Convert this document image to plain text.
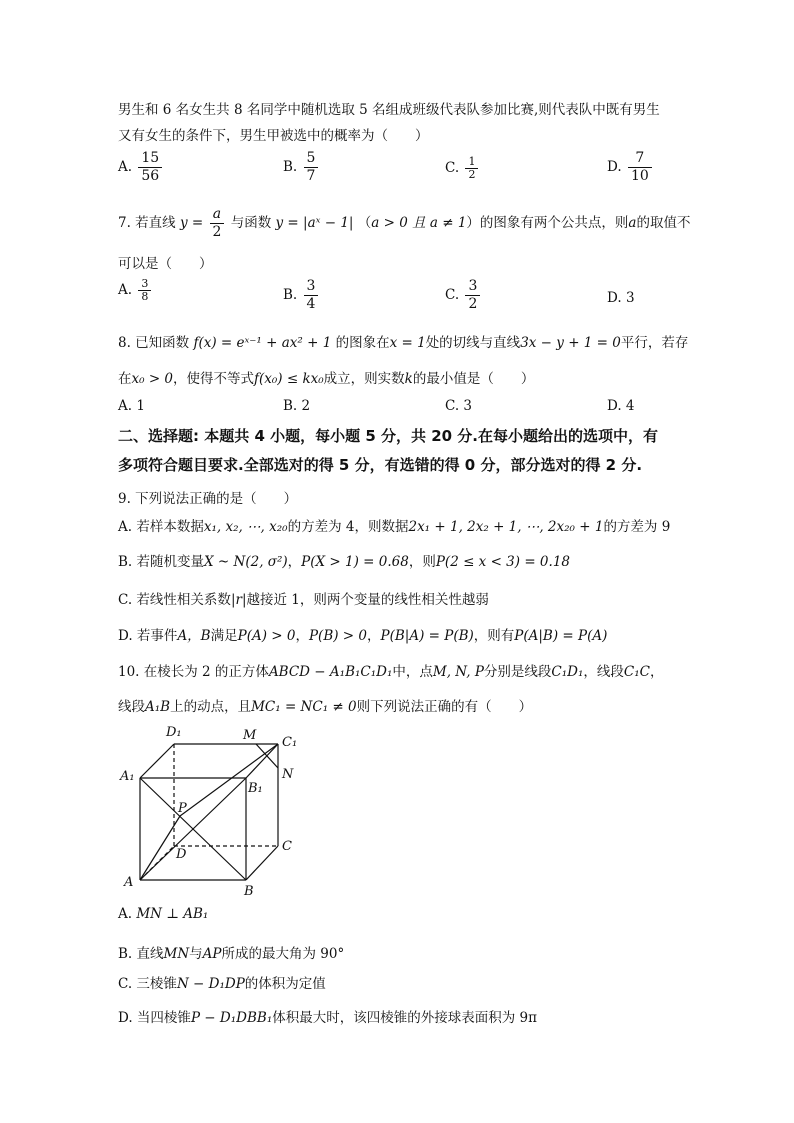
男生和 6 名女生共 8 名同学中随机选取 5 名组成班级代表队参加比赛,则代表队中既有男生
又有女生的条件下，男生甲被选中的概率为（　　）
A. $\frac{15}{56}$	B. $\frac{5}{7}$	C. $\frac{1}{2}$	D. $\frac{7}{10}$
7. 若直线 $y = \frac{a}{2}$ 与函数 y = |aˣ − 1| （a > 0 且 a ≠ 1）的图象有两个公共点，则a的取值不
可以是（　　）
A. $\frac{3}{8}$	B. $\frac{3}{4}$	C. $\frac{3}{2}$	D. 3
8. 已知函数 f(x) = eˣ⁻¹ + ax² + 1 的图象在x = 1处的切线与直线3x − y + 1 = 0平行，若存
在x₀ > 0，使得不等式f(x₀) ≤ kx₀成立，则实数k的最小值是（　　）
A. 1	B. 2	C. 3	D. 4
二、选择题: 本题共 4 小题，每小题 5 分，共 20 分.在每小题给出的选项中，有
多项符合题目要求.全部选对的得 5 分，有选错的得 0 分，部分选对的得 2 分.
9. 下列说法正确的是（　　）
A. 若样本数据x₁, x₂, ⋯, x₂₀的方差为 4，则数据2x₁ + 1, 2x₂ + 1, ⋯, 2x₂₀ + 1的方差为 9
B. 若随机变量X ~ N(2, σ²)，P(X > 1) = 0.68，则P(2 ≤ x < 3) = 0.18
C. 若线性相关系数|r|越接近 1，则两个变量的线性相关性越弱
D. 若事件A，B满足P(A) > 0，P(B) > 0，P(B|A) = P(B)，则有P(A|B) = P(A)
10. 在棱长为 2 的正方体ABCD − A₁B₁C₁D₁中，点M, N, P分别是线段C₁D₁，线段C₁C，
线段A₁B上的动点，且MC₁ = NC₁ ≠ 0则下列说法正确的有（　　）
D₁	M C₁
A₁
B₁
N
P
D
C
A
B
A. MN ⊥ AB₁
B. 直线MN与AP所成的最大角为 90°
C. 三棱锥N − D₁DP的体积为定值
D. 当四棱锥P − D₁DBB₁体积最大时，该四棱锥的外接球表面积为 9π
